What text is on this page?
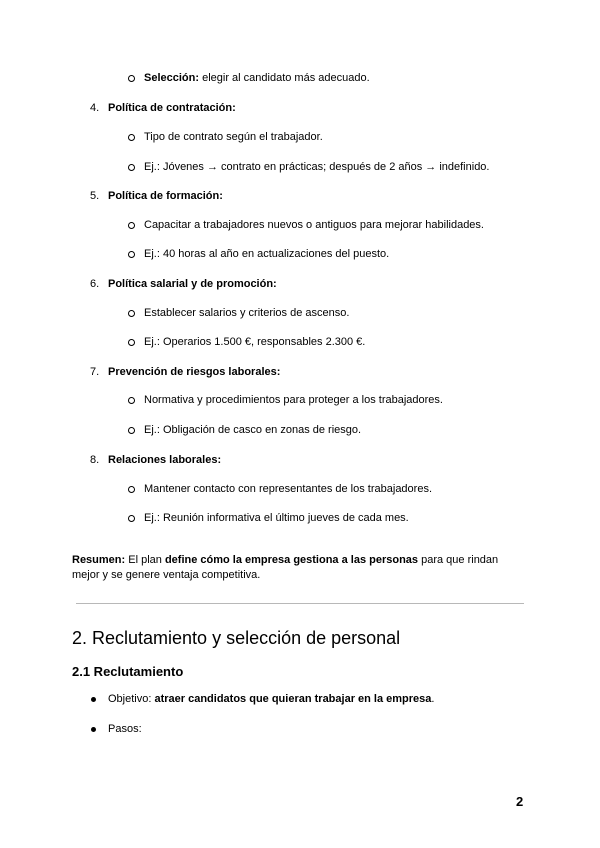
Selección: elegir al candidato más adecuado.
4. Política de contratación:
Tipo de contrato según el trabajador.
Ej.: Jóvenes → contrato en prácticas; después de 2 años → indefinido.
5. Política de formación:
Capacitar a trabajadores nuevos o antiguos para mejorar habilidades.
Ej.: 40 horas al año en actualizaciones del puesto.
6. Política salarial y de promoción:
Establecer salarios y criterios de ascenso.
Ej.: Operarios 1.500 €, responsables 2.300 €.
7. Prevención de riesgos laborales:
Normativa y procedimientos para proteger a los trabajadores.
Ej.: Obligación de casco en zonas de riesgo.
8. Relaciones laborales:
Mantener contacto con representantes de los trabajadores.
Ej.: Reunión informativa el último jueves de cada mes.
Resumen: El plan define cómo la empresa gestiona a las personas para que rindan
mejor y se genere ventaja competitiva.
2. Reclutamiento y selección de personal
2.1 Reclutamiento
Objetivo: atraer candidatos que quieran trabajar en la empresa.
Pasos:
2
